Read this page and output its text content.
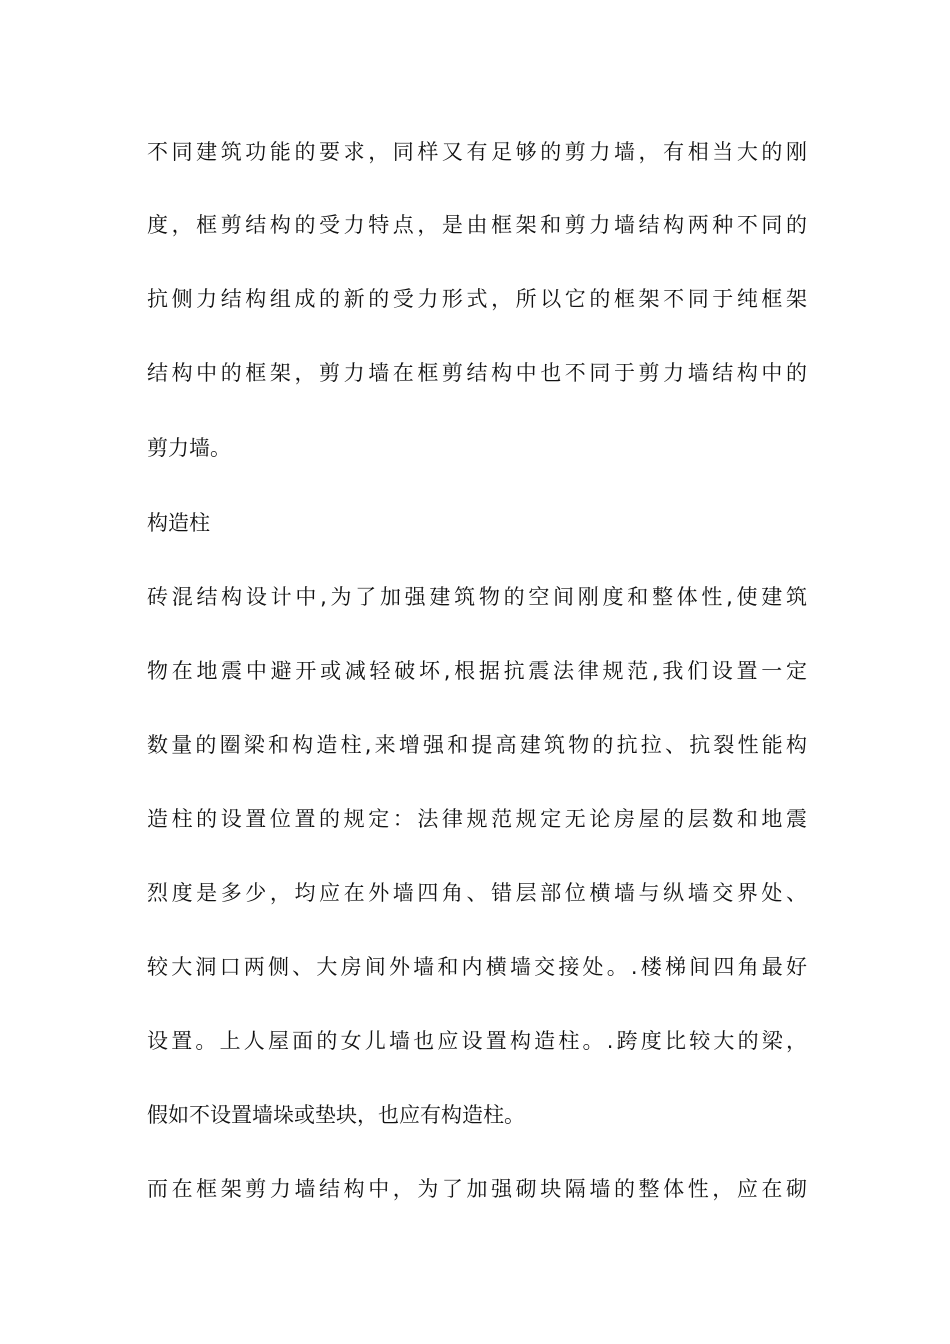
不同建筑功能的要求，同样又有足够的剪力墙，有相当大的刚
度，框剪结构的受力特点，是由框架和剪力墙结构两种不同的
抗侧力结构组成的新的受力形式，所以它的框架不同于纯框架
结构中的框架，剪力墙在框剪结构中也不同于剪力墙结构中的
剪力墙。
构造柱
砖混结构设计中,为了加强建筑物的空间刚度和整体性,使建筑
物在地震中避开或减轻破坏,根据抗震法律规范,我们设置一定
数量的圈梁和构造柱,来增强和提高建筑物的抗拉、抗裂性能构
造柱的设置位置的规定：法律规范规定无论房屋的层数和地震
烈度是多少，均应在外墙四角、错层部位横墙与纵墙交界处、
较大洞口两侧、大房间外墙和内横墙交接处。.楼梯间四角最好
设置。上人屋面的女儿墙也应设置构造柱。.跨度比较大的梁，
假如不设置墙垛或垫块，也应有构造柱。
而在框架剪力墙结构中，为了加强砌块隔墙的整体性，应在砌
